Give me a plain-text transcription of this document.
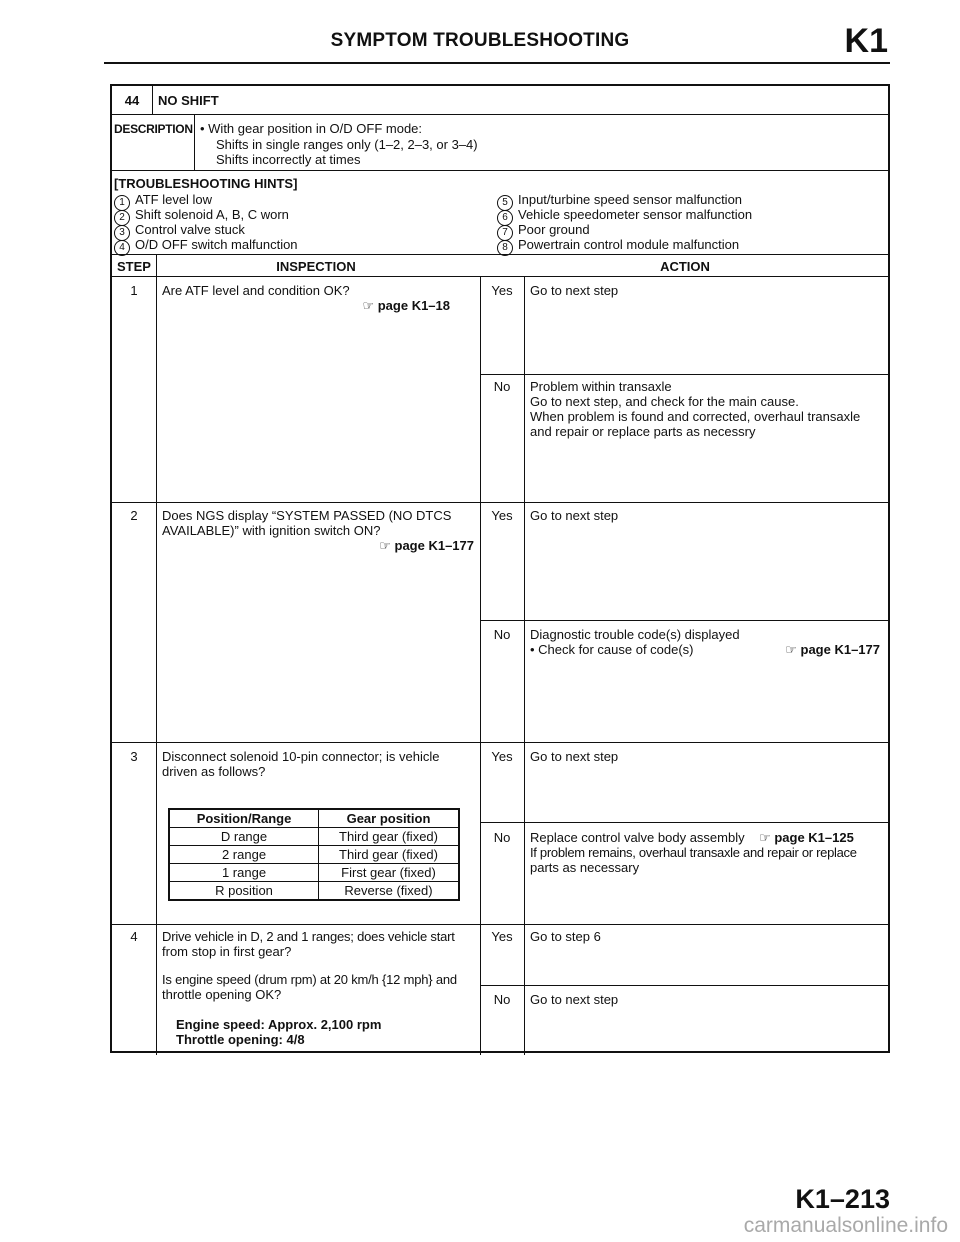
SYMPTOM TROUBLESHOOTING	K1
44	NO SHIFT
DESCRIPTION • With gear position in O/D OFF mode:
Shifts in single ranges only (1–2, 2–3, or 3–4)
Shifts incorrectly at times
[TROUBLESHOOTING HINTS]
1 ATF level low
2 Shift solenoid A, B, C worn
3 Control valve stuck
4 O/D OFF switch malfunction
5 Input/turbine speed sensor malfunction
6 Vehicle speedometer sensor malfunction
7 Poor ground
8 Powertrain control module malfunction
STEP	INSPECTION	ACTION
1	Are ATF level and condition OK?
☞ page K1–18
Yes	Go to next step
No	Problem within transaxle
Go to next step, and check for the main cause.
When problem is found and corrected, overhaul transaxle
and repair or replace parts as necessry
2	Does NGS display “SYSTEM PASSED (NO DTCS
AVAILABLE)” with ignition switch ON?
☞ page K1–177
Yes	Go to next step
No	Diagnostic trouble code(s) displayed
• Check for cause of code(s)	☞ page K1–177
3	Disconnect solenoid 10-pin connector; is vehicle
driven as follows?
Position/Range	Gear position
D range	Third gear (fixed)
2 range	Third gear (fixed)
1 range	First gear (fixed)
R position	Reverse (fixed)
Yes	Go to next step
No	Replace control valve body assembly ☞ page K1–125
If problem remains, overhaul transaxle and repair or replace
parts as necessary
4	Drive vehicle in D, 2 and 1 ranges; does vehicle start
from stop in first gear?
Is engine speed (drum rpm) at 20 km/h {12 mph} and
throttle opening OK?
Engine speed: Approx. 2,100 rpm
Throttle opening: 4/8
Yes	Go to step 6
No	Go to next step
K1–213
carmanualsonline.info
